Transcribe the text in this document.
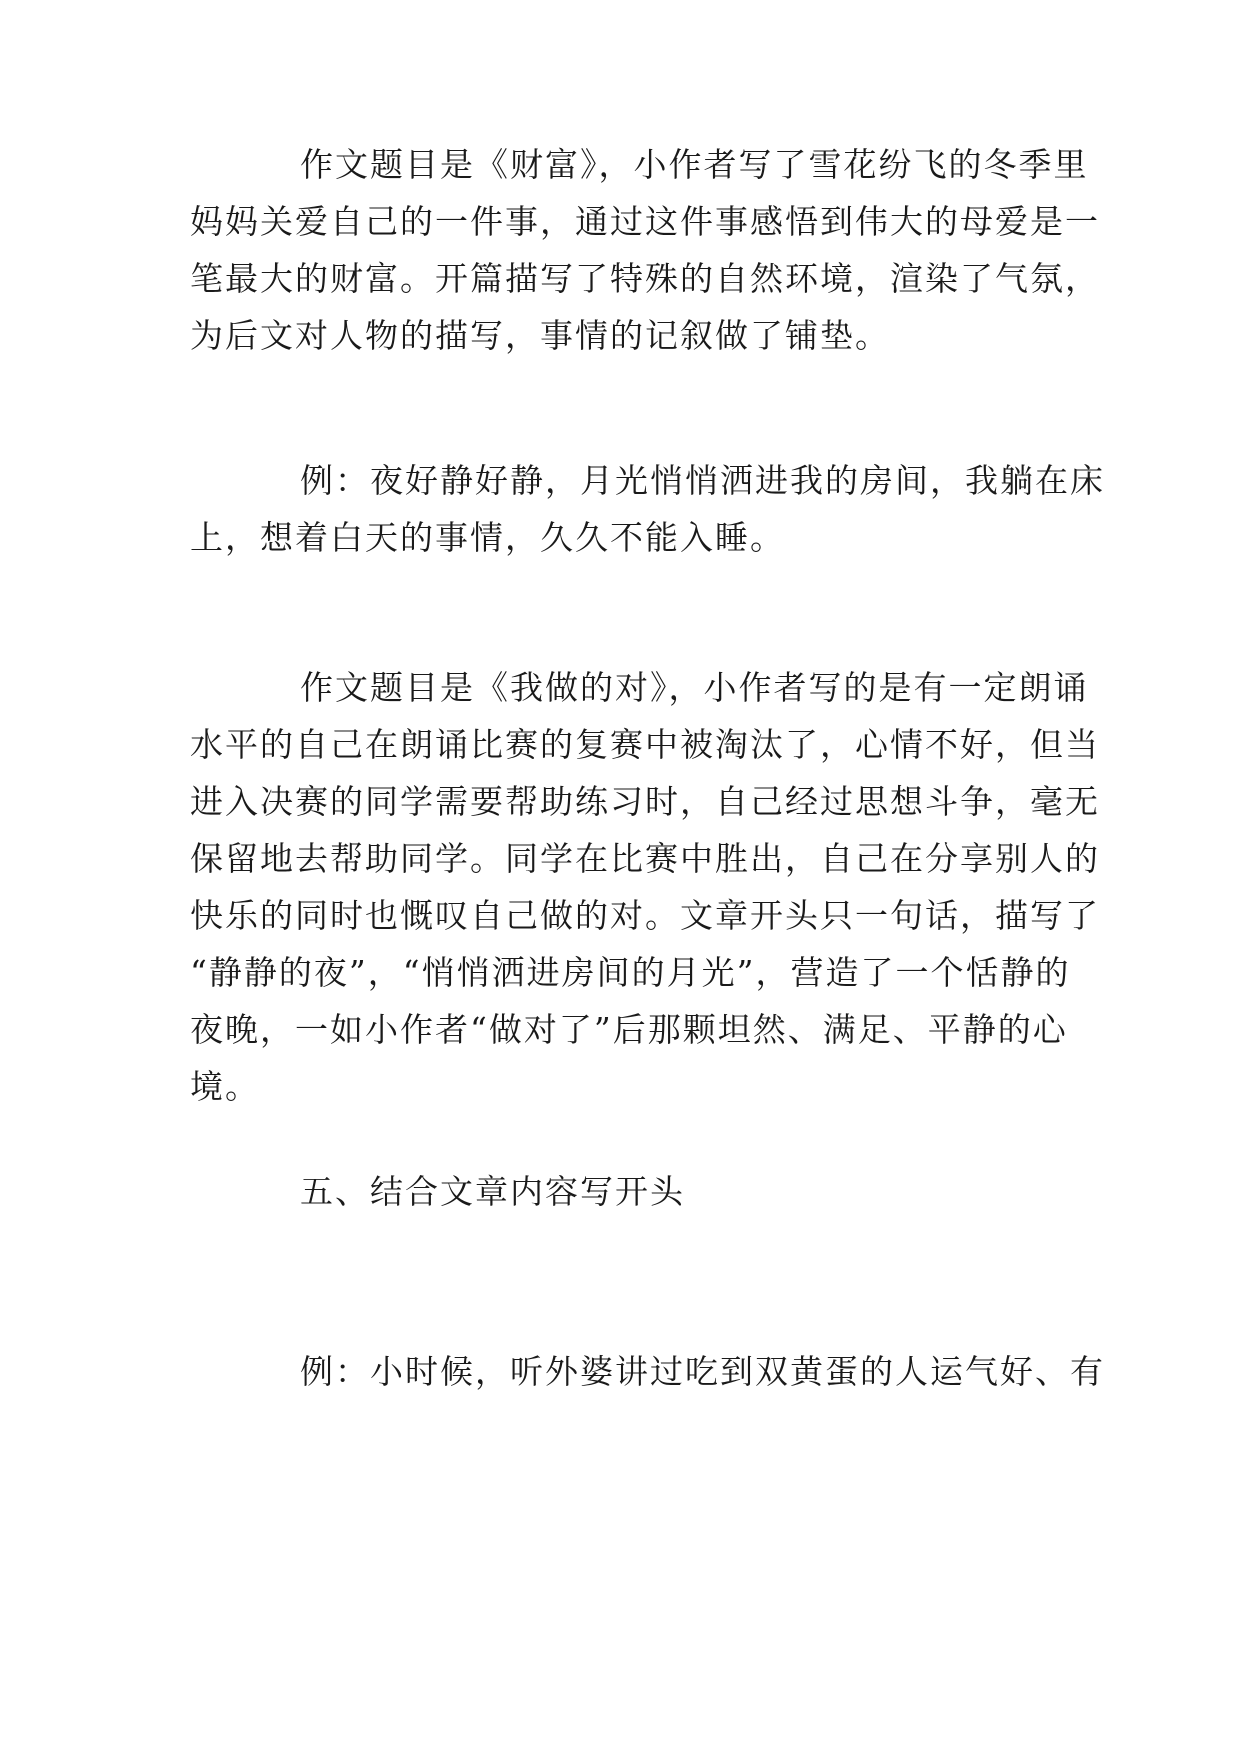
作文题目是《财富》，小作者写了雪花纷飞的冬季里
妈妈关爱自己的一件事，通过这件事感悟到伟大的母爱是一
笔最大的财富。开篇描写了特殊的自然环境，渲染了气氛，
为后文对人物的描写，事情的记叙做了铺垫。

例：夜好静好静，月光悄悄洒进我的房间，我躺在床
上，想着白天的事情，久久不能入睡。

作文题目是《我做的对》，小作者写的是有一定朗诵
水平的自己在朗诵比赛的复赛中被淘汰了，心情不好，但当
进入决赛的同学需要帮助练习时，自己经过思想斗争，毫无
保留地去帮助同学。同学在比赛中胜出，自己在分享别人的
快乐的同时也慨叹自己做的对。文章开头只一句话，描写了
“静静的夜”，“悄悄洒进房间的月光”，营造了一个恬静的
夜晚，一如小作者“做对了”后那颗坦然、满足、平静的心
境。

五、结合文章内容写开头

例：小时候，听外婆讲过吃到双黄蛋的人运气好、有
